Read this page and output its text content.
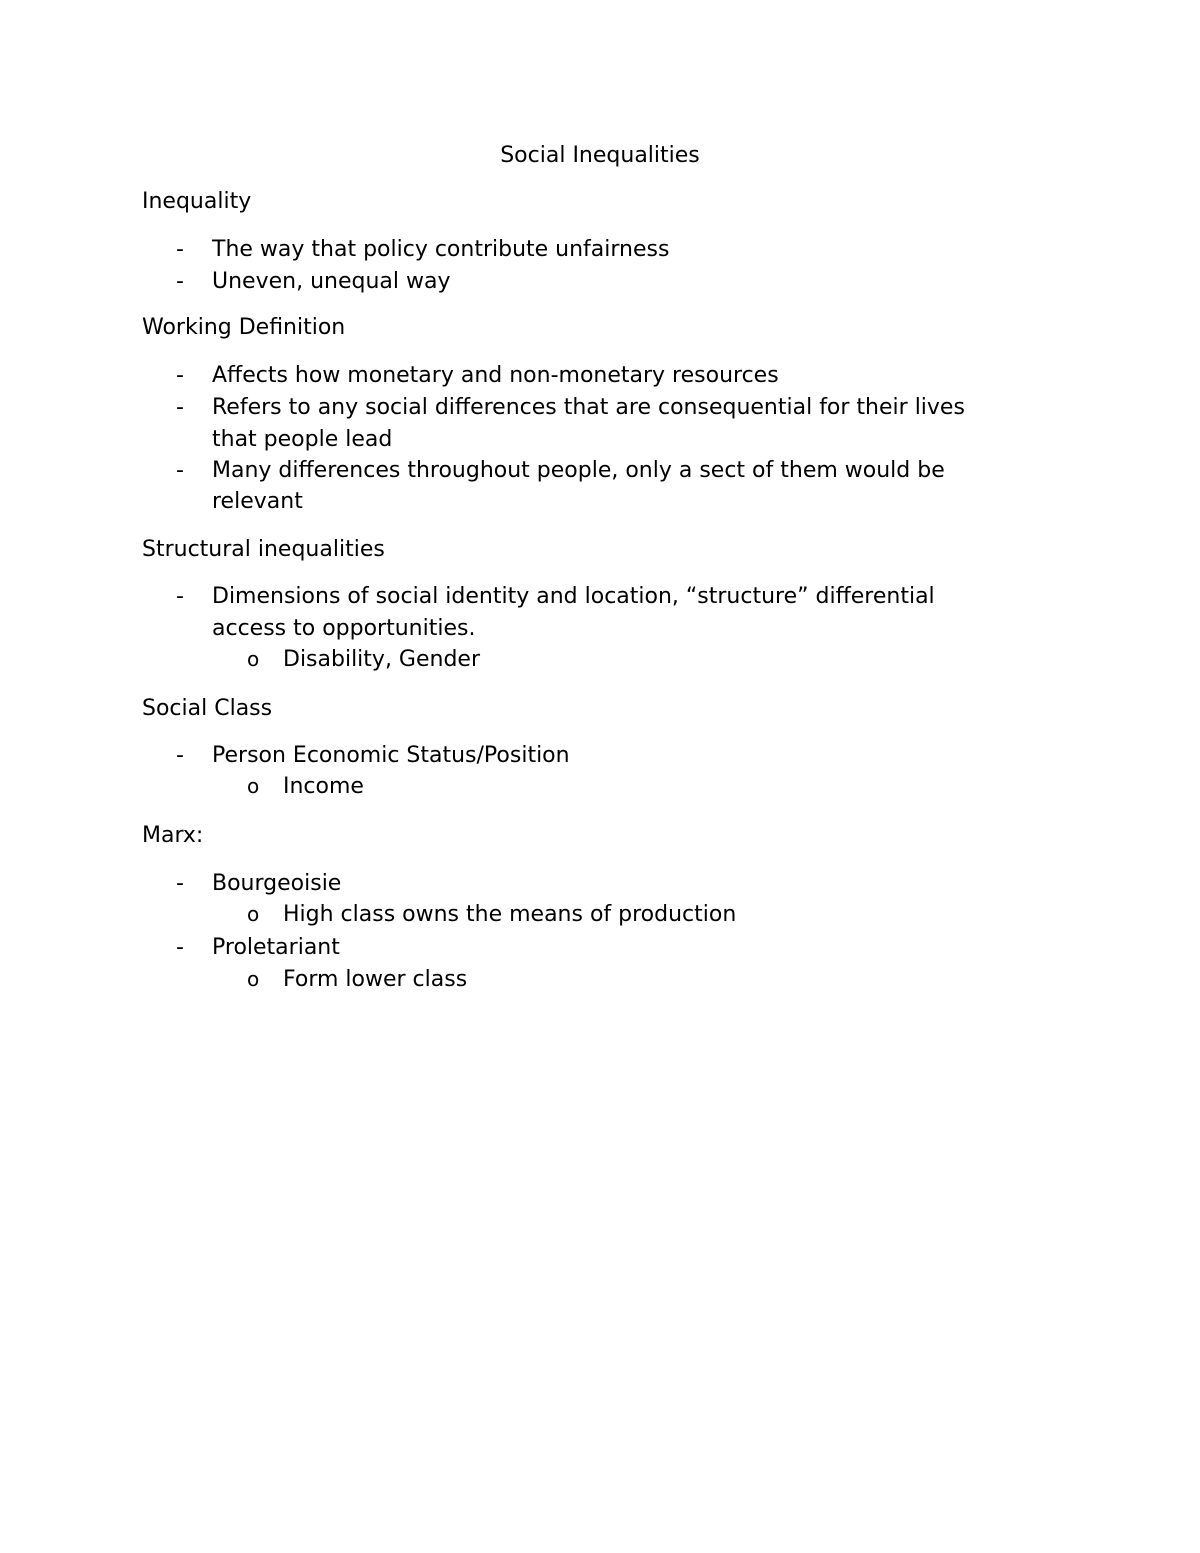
Social Inequalities
Inequality
- The way that policy contribute unfairness
- Uneven, unequal way
Working Definition
- Affects how monetary and non-monetary resources
- Refers to any social differences that are consequential for their lives
that people lead
- Many differences throughout people, only a sect of them would be
relevant
Structural inequalities
- Dimensions of social identity and location, “structure” differential
access to opportunities.
o Disability, Gender
Social Class
- Person Economic Status/Position
o Income
Marx:
- Bourgeoisie
o High class owns the means of production
- Proletariant
o Form lower class
